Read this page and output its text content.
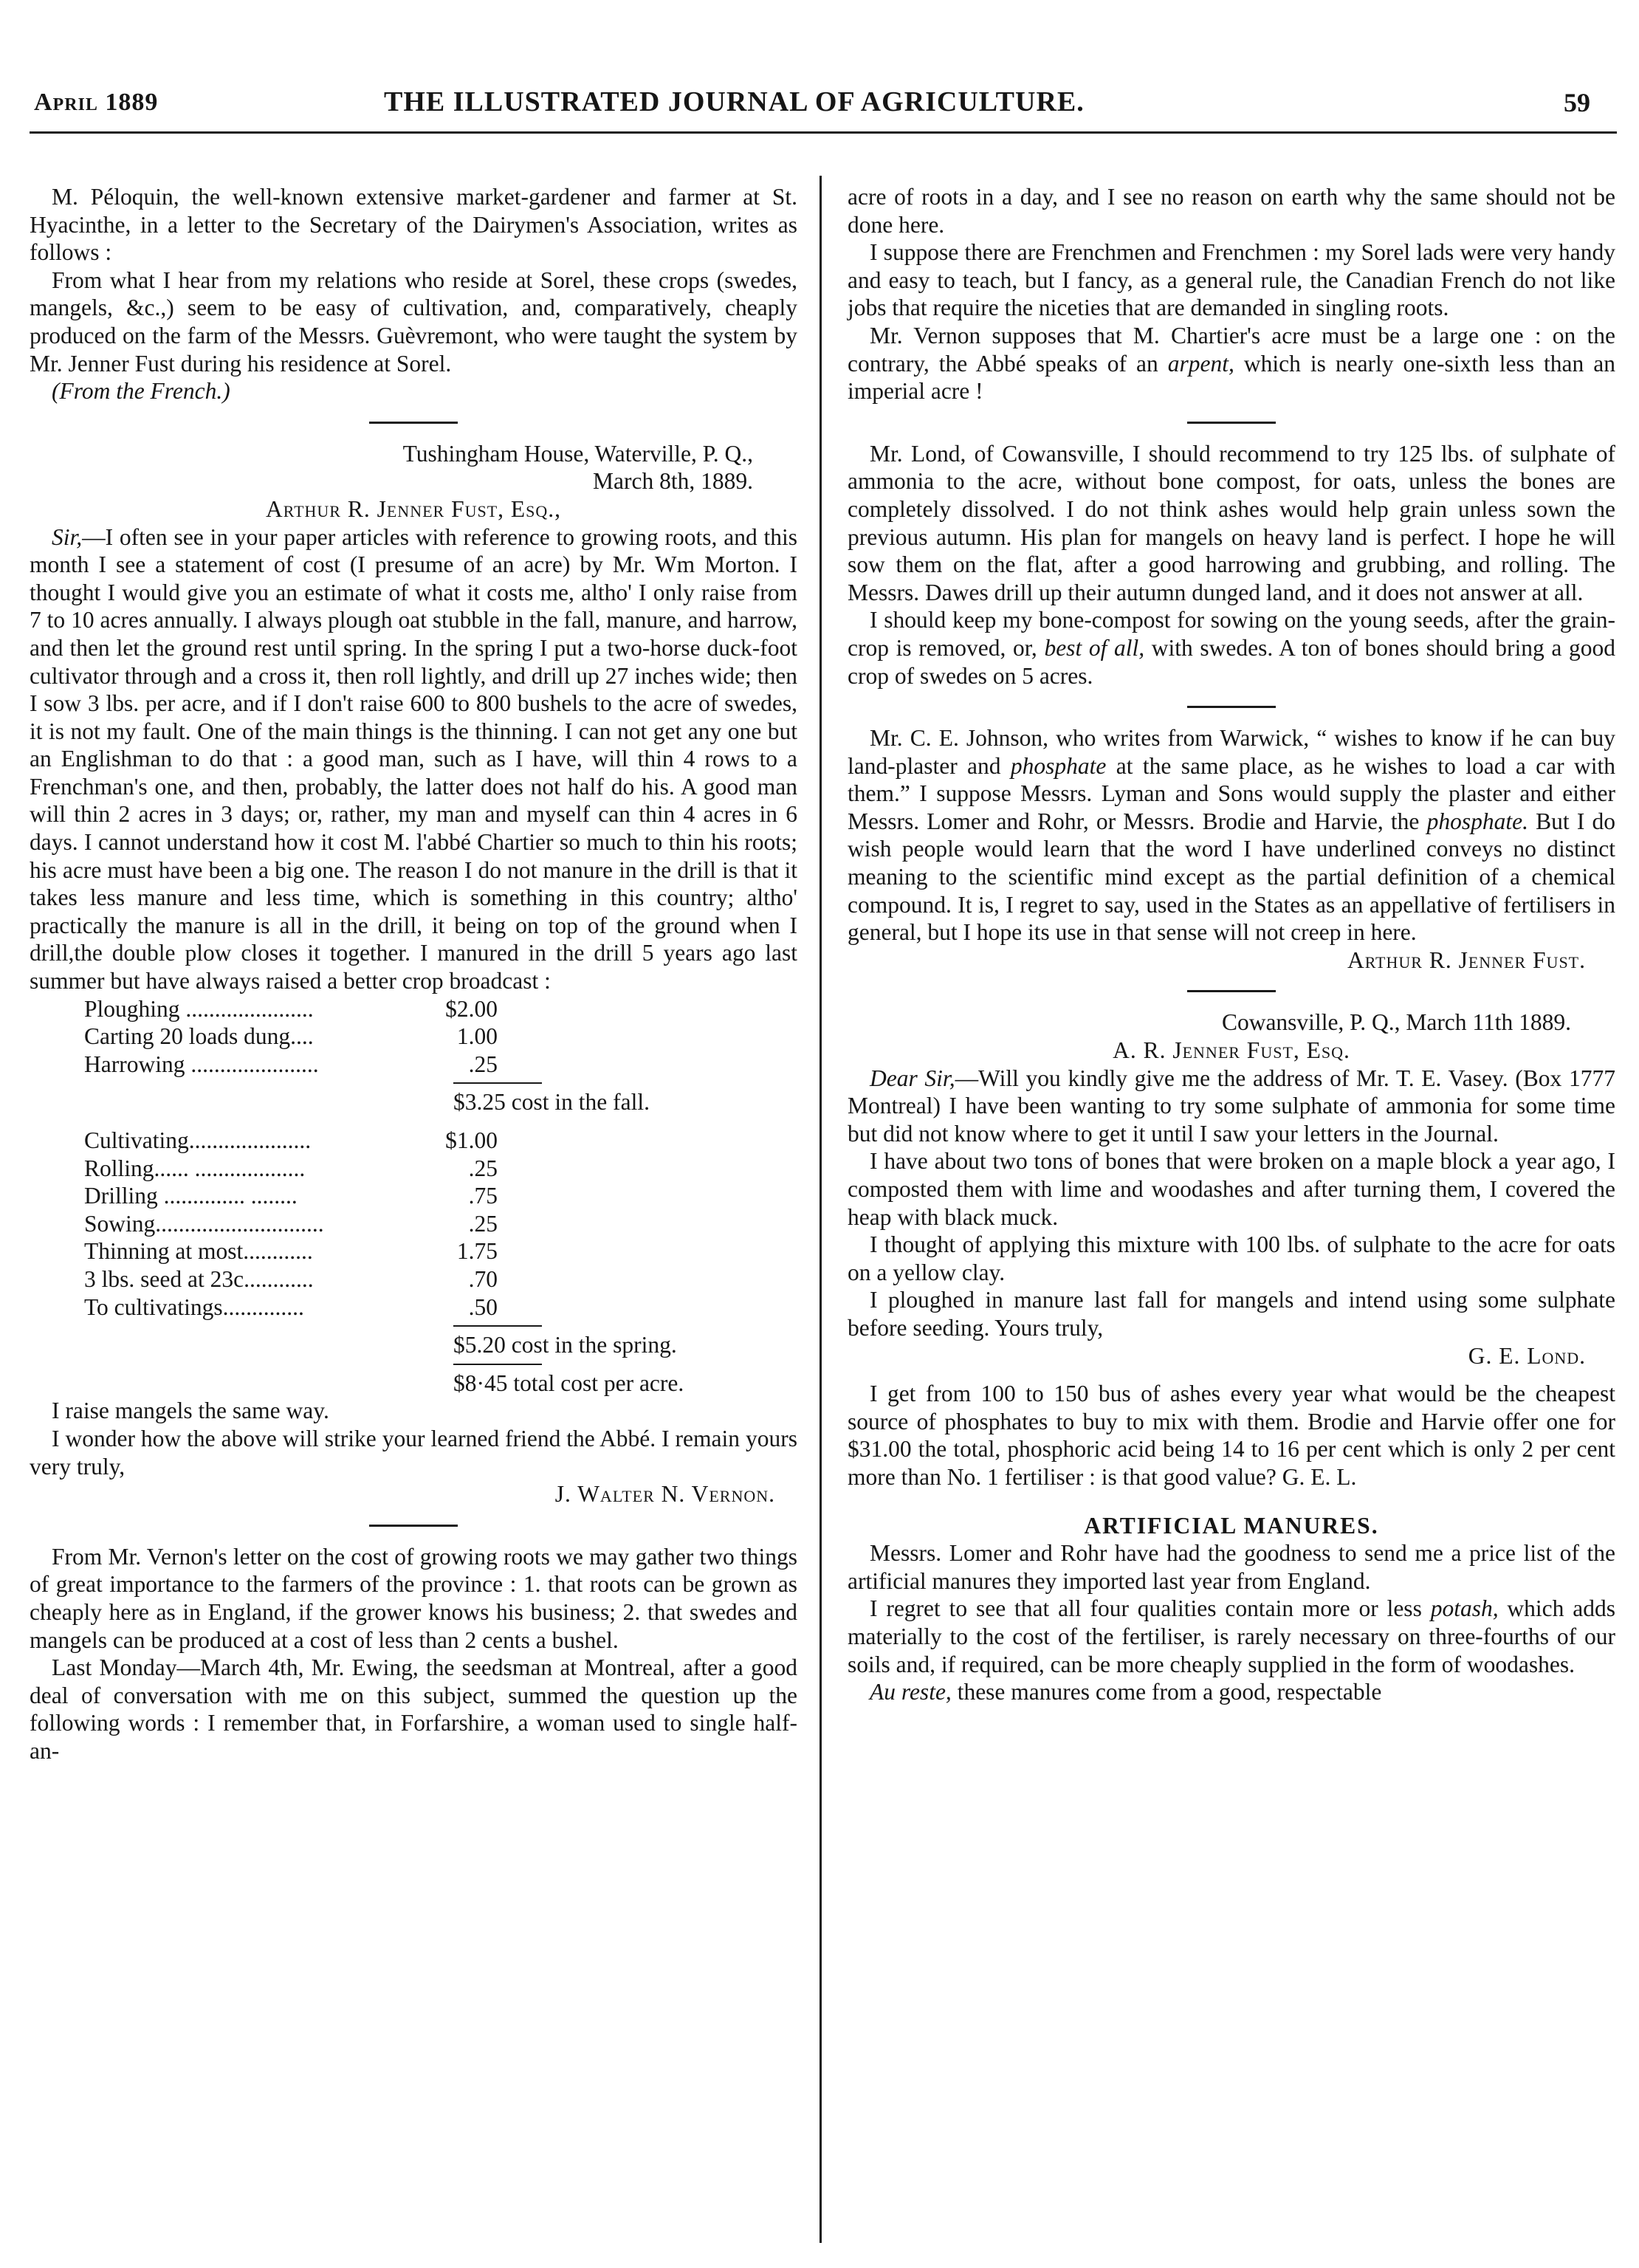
April 1889	THE ILLUSTRATED JOURNAL OF AGRICULTURE.	59
M. Péloquin, the well-known extensive market-gardener and farmer at St. Hyacinthe, in a letter to the Secretary of the Dairymen's Association, writes as follows :
From what I hear from my relations who reside at Sorel, these crops (swedes, mangels, &c.,) seem to be easy of cultivation, and, comparatively, cheaply produced on the farm of the Messrs. Guèvremont, who were taught the system by Mr. Jenner Fust during his residence at Sorel.
(From the French.)
Tushingham House, Waterville, P. Q.,
March 8th, 1889.
Arthur R. Jenner Fust, Esq.,
Sir,—I often see in your paper articles with reference to growing roots, and this month I see a statement of cost (I presume of an acre) by Mr. Wm Morton. I thought I would give you an estimate of what it costs me, altho' I only raise from 7 to 10 acres annually. I always plough oat stubble in the fall, manure, and harrow, and then let the ground rest until spring. In the spring I put a two-horse duck-foot cultivator through and a cross it, then roll lightly, and drill up 27 inches wide; then I sow 3 lbs. per acre, and if I don't raise 600 to 800 bushels to the acre of swedes, it is not my fault. One of the main things is the thinning. I can not get any one but an Englishman to do that : a good man, such as I have, will thin 4 rows to a Frenchman's one, and then, probably, the latter does not half do his. A good man will thin 2 acres in 3 days; or, rather, my man and myself can thin 4 acres in 6 days. I cannot understand how it cost M. l'abbé Chartier so much to thin his roots; his acre must have been a big one. The reason I do not manure in the drill is that it takes less manure and less time, which is something in this country; altho' practically the manure is all in the drill, it being on top of the ground when I drill,the double plow closes it together. I manured in the drill 5 years ago last summer but have always raised a better crop broadcast :
Ploughing ......................	$2.00
Carting 20 loads dung....	1.00
Harrowing ......................	.25
$3.25 cost in the fall.
Cultivating.....................	$1.00
Rolling...... ...................	.25
Drilling .............. ........	.75
Sowing.............................	.25
Thinning at most............	1.75
3 lbs. seed at 23c............	.70
To cultivatings..............	.50
$5.20 cost in the spring.
$8·45 total cost per acre.
I raise mangels the same way.
I wonder how the above will strike your learned friend the Abbé. I remain yours very truly,
J. Walter N. Vernon.
From Mr. Vernon's letter on the cost of growing roots we may gather two things of great importance to the farmers of the province : 1. that roots can be grown as cheaply here as in England, if the grower knows his business; 2. that swedes and mangels can be produced at a cost of less than 2 cents a bushel.
Last Monday—March 4th, Mr. Ewing, the seedsman at Montreal, after a good deal of conversation with me on this subject, summed the question up the following words : I remember that, in Forfarshire, a woman used to single half-an-
acre of roots in a day, and I see no reason on earth why the same should not be done here.
I suppose there are Frenchmen and Frenchmen : my Sorel lads were very handy and easy to teach, but I fancy, as a general rule, the Canadian French do not like jobs that require the niceties that are demanded in singling roots.
Mr. Vernon supposes that M. Chartier's acre must be a large one : on the contrary, the Abbé speaks of an arpent, which is nearly one-sixth less than an imperial acre !
Mr. Lond, of Cowansville, I should recommend to try 125 lbs. of sulphate of ammonia to the acre, without bone compost, for oats, unless the bones are completely dissolved. I do not think ashes would help grain unless sown the previous autumn. His plan for mangels on heavy land is perfect. I hope he will sow them on the flat, after a good harrowing and grubbing, and rolling. The Messrs. Dawes drill up their autumn dunged land, and it does not answer at all.
I should keep my bone-compost for sowing on the young seeds, after the grain-crop is removed, or, best of all, with swedes. A ton of bones should bring a good crop of swedes on 5 acres.
Mr. C. E. Johnson, who writes from Warwick, “ wishes to know if he can buy land-plaster and phosphate at the same place, as he wishes to load a car with them.” I suppose Messrs. Lyman and Sons would supply the plaster and either Messrs. Lomer and Rohr, or Messrs. Brodie and Harvie, the phosphate. But I do wish people would learn that the word I have underlined conveys no distinct meaning to the scientific mind except as the partial definition of a chemical compound. It is, I regret to say, used in the States as an appellative of fertilisers in general, but I hope its use in that sense will not creep in here.
Arthur R. Jenner Fust.
Cowansville, P. Q., March 11th 1889.
A. R. Jenner Fust, Esq.
Dear Sir,—Will you kindly give me the address of Mr. T. E. Vasey. (Box 1777 Montreal) I have been wanting to try some sulphate of ammonia for some time but did not know where to get it until I saw your letters in the Journal.
I have about two tons of bones that were broken on a maple block a year ago, I composted them with lime and woodashes and after turning them, I covered the heap with black muck.
I thought of applying this mixture with 100 lbs. of sulphate to the acre for oats on a yellow clay.
I ploughed in manure last fall for mangels and intend using some sulphate before seeding. Yours truly,
G. E. Lond.
I get from 100 to 150 bus of ashes every year what would be the cheapest source of phosphates to buy to mix with them. Brodie and Harvie offer one for $31.00 the total, phosphoric acid being 14 to 16 per cent which is only 2 per cent more than No. 1 fertiliser : is that good value? G. E. L.
ARTIFICIAL MANURES.
Messrs. Lomer and Rohr have had the goodness to send me a price list of the artificial manures they imported last year from England.
I regret to see that all four qualities contain more or less potash, which adds materially to the cost of the fertiliser, is rarely necessary on three-fourths of our soils and, if required, can be more cheaply supplied in the form of woodashes.
Au reste, these manures come from a good, respectable
